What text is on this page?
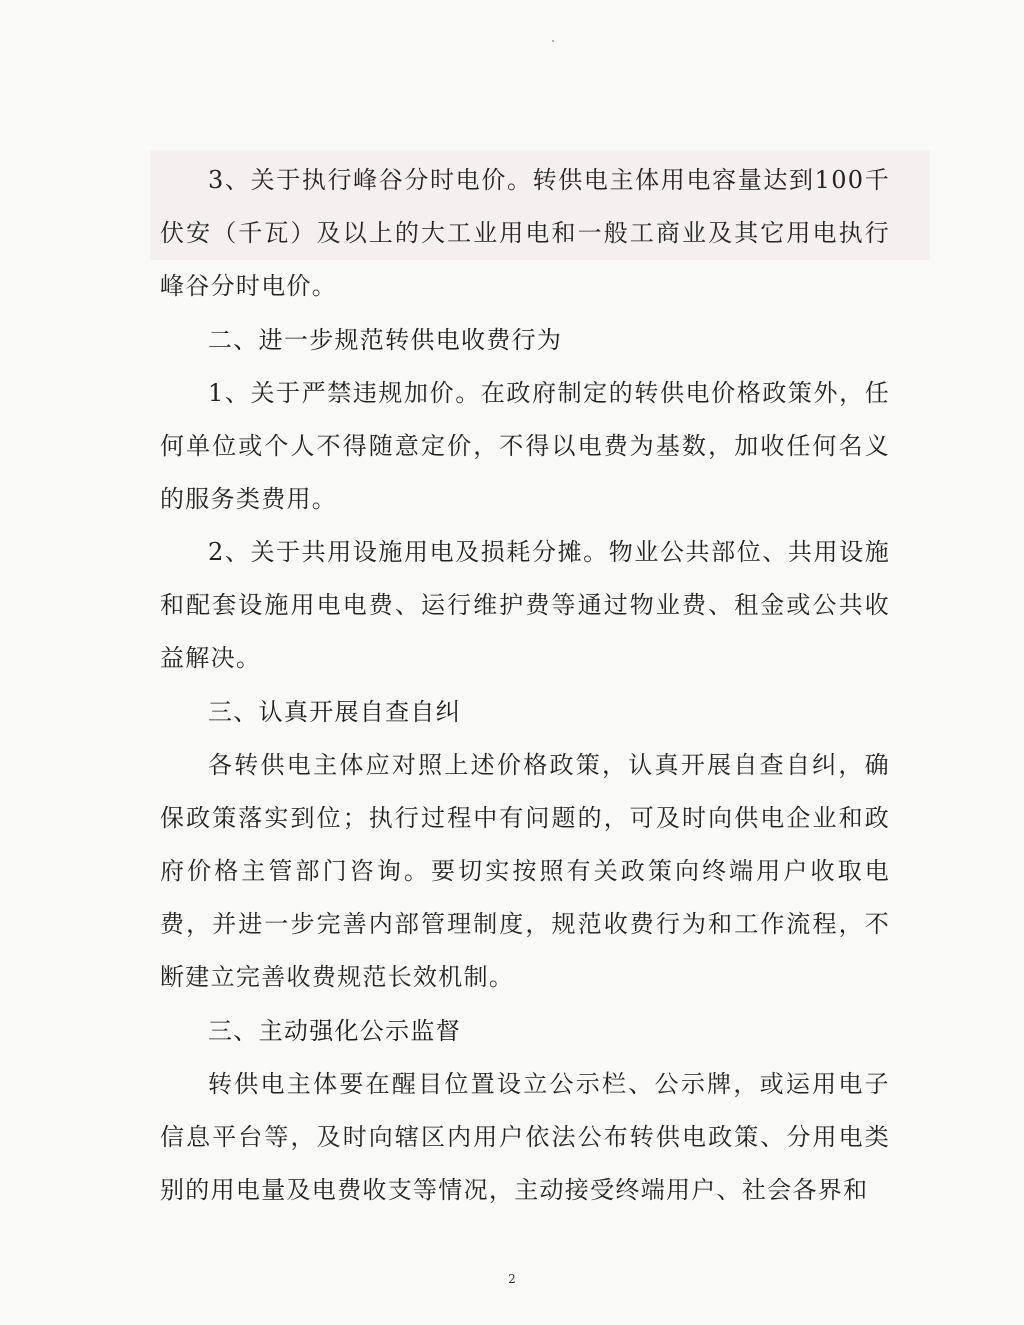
3、关于执行峰谷分时电价。转供电主体用电容量达到100千伏安（千瓦）及以上的大工业用电和一般工商业及其它用电执行峰谷分时电价。

二、进一步规范转供电收费行为

1、关于严禁违规加价。在政府制定的转供电价格政策外，任何单位或个人不得随意定价，不得以电费为基数，加收任何名义的服务类费用。

2、关于共用设施用电及损耗分摊。物业公共部位、共用设施和配套设施用电电费、运行维护费等通过物业费、租金或公共收益解决。

三、认真开展自查自纠

各转供电主体应对照上述价格政策，认真开展自查自纠，确保政策落实到位；执行过程中有问题的，可及时向供电企业和政府价格主管部门咨询。要切实按照有关政策向终端用户收取电费，并进一步完善内部管理制度，规范收费行为和工作流程，不断建立完善收费规范长效机制。

三、主动强化公示监督

转供电主体要在醒目位置设立公示栏、公示牌，或运用电子信息平台等，及时向辖区内用户依法公布转供电政策、分用电类别的用电量及电费收支等情况，主动接受终端用户、社会各界和

2
